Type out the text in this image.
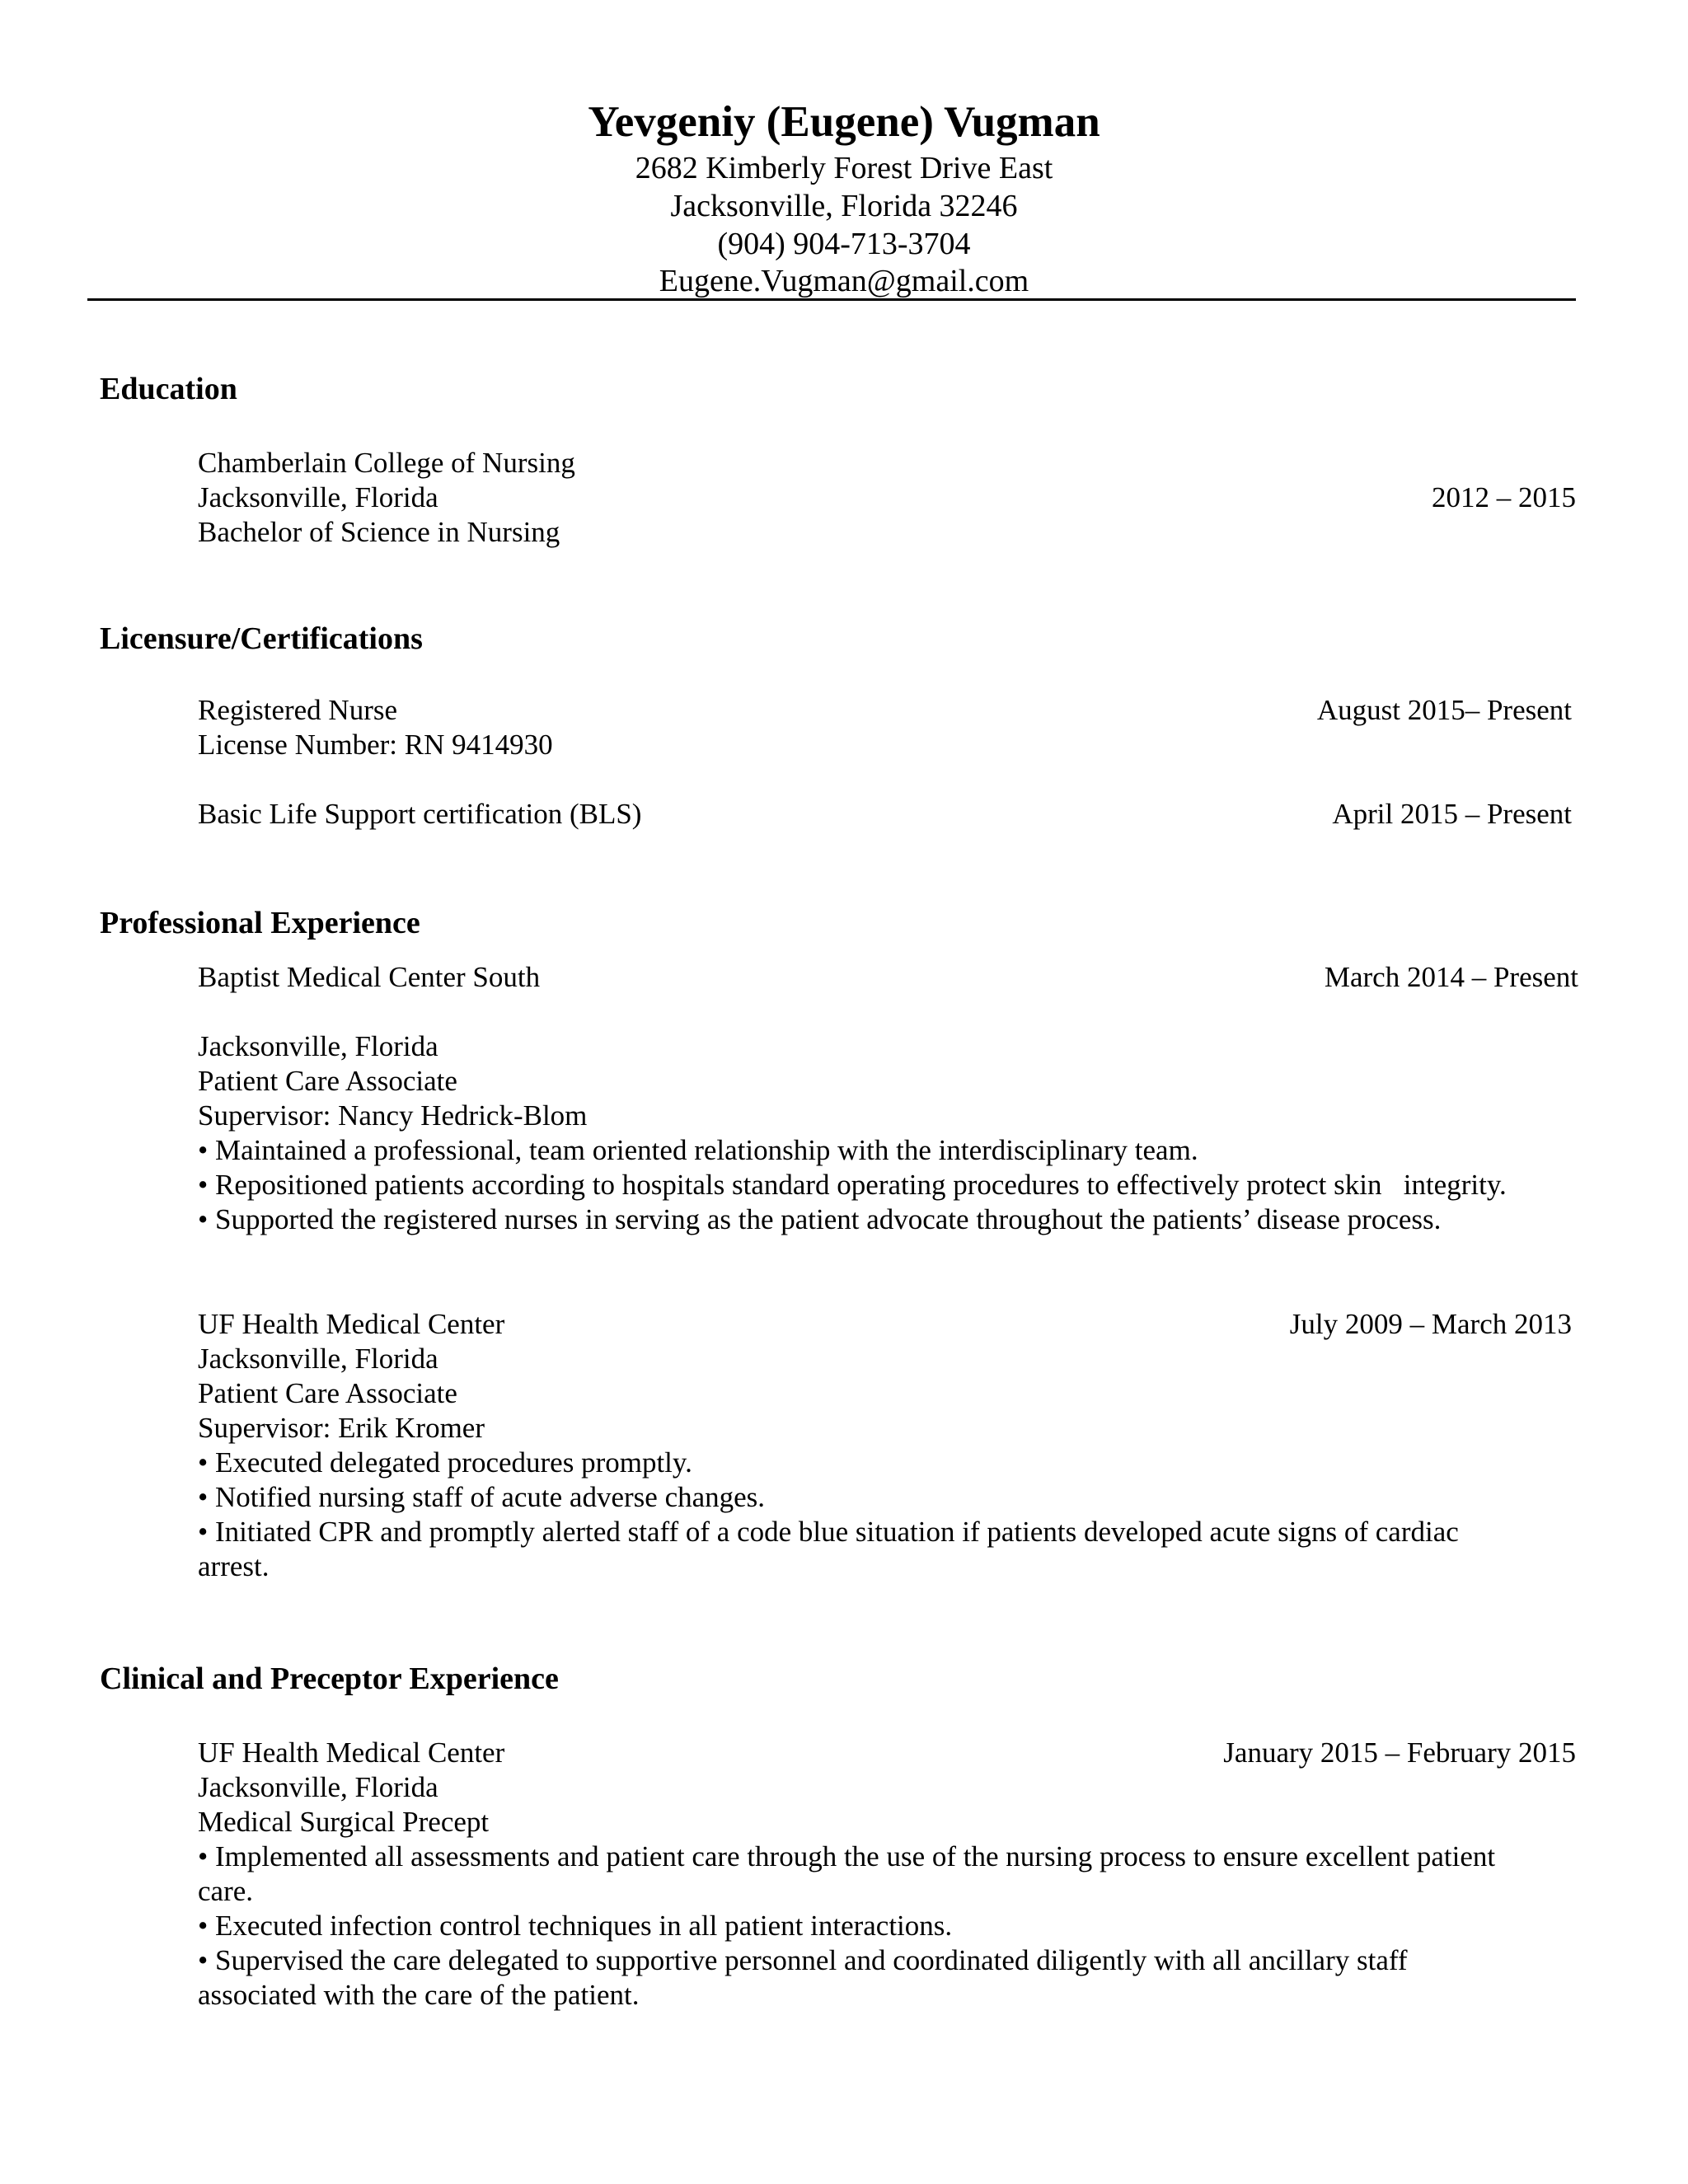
Yevgeniy (Eugene) Vugman
2682 Kimberly Forest Drive East
Jacksonville, Florida 32246
(904) 904-713-3704
Eugene.Vugman@gmail.com
Education
Chamberlain College of Nursing
Jacksonville, Florida	2012 – 2015
Bachelor of Science in Nursing
Licensure/Certifications
Registered Nurse	August 2015– Present
License Number: RN 9414930
Basic Life Support certification (BLS)	April 2015 – Present
Professional Experience
Baptist Medical Center South	March 2014 – Present
Jacksonville, Florida
Patient Care Associate
Supervisor: Nancy Hedrick-Blom
• Maintained a professional, team oriented relationship with the interdisciplinary team.
• Repositioned patients according to hospitals standard operating procedures to effectively protect skin   integrity.
• Supported the registered nurses in serving as the patient advocate throughout the patients’ disease process.
UF Health Medical Center	July 2009 – March 2013
Jacksonville, Florida
Patient Care Associate
Supervisor: Erik Kromer
• Executed delegated procedures promptly.
• Notified nursing staff of acute adverse changes.
• Initiated CPR and promptly alerted staff of a code blue situation if patients developed acute signs of cardiac
arrest.
Clinical and Preceptor Experience
UF Health Medical Center	January 2015 – February 2015
Jacksonville, Florida
Medical Surgical Precept
• Implemented all assessments and patient care through the use of the nursing process to ensure excellent patient
care.
• Executed infection control techniques in all patient interactions.
• Supervised the care delegated to supportive personnel and coordinated diligently with all ancillary staff
associated with the care of the patient.
